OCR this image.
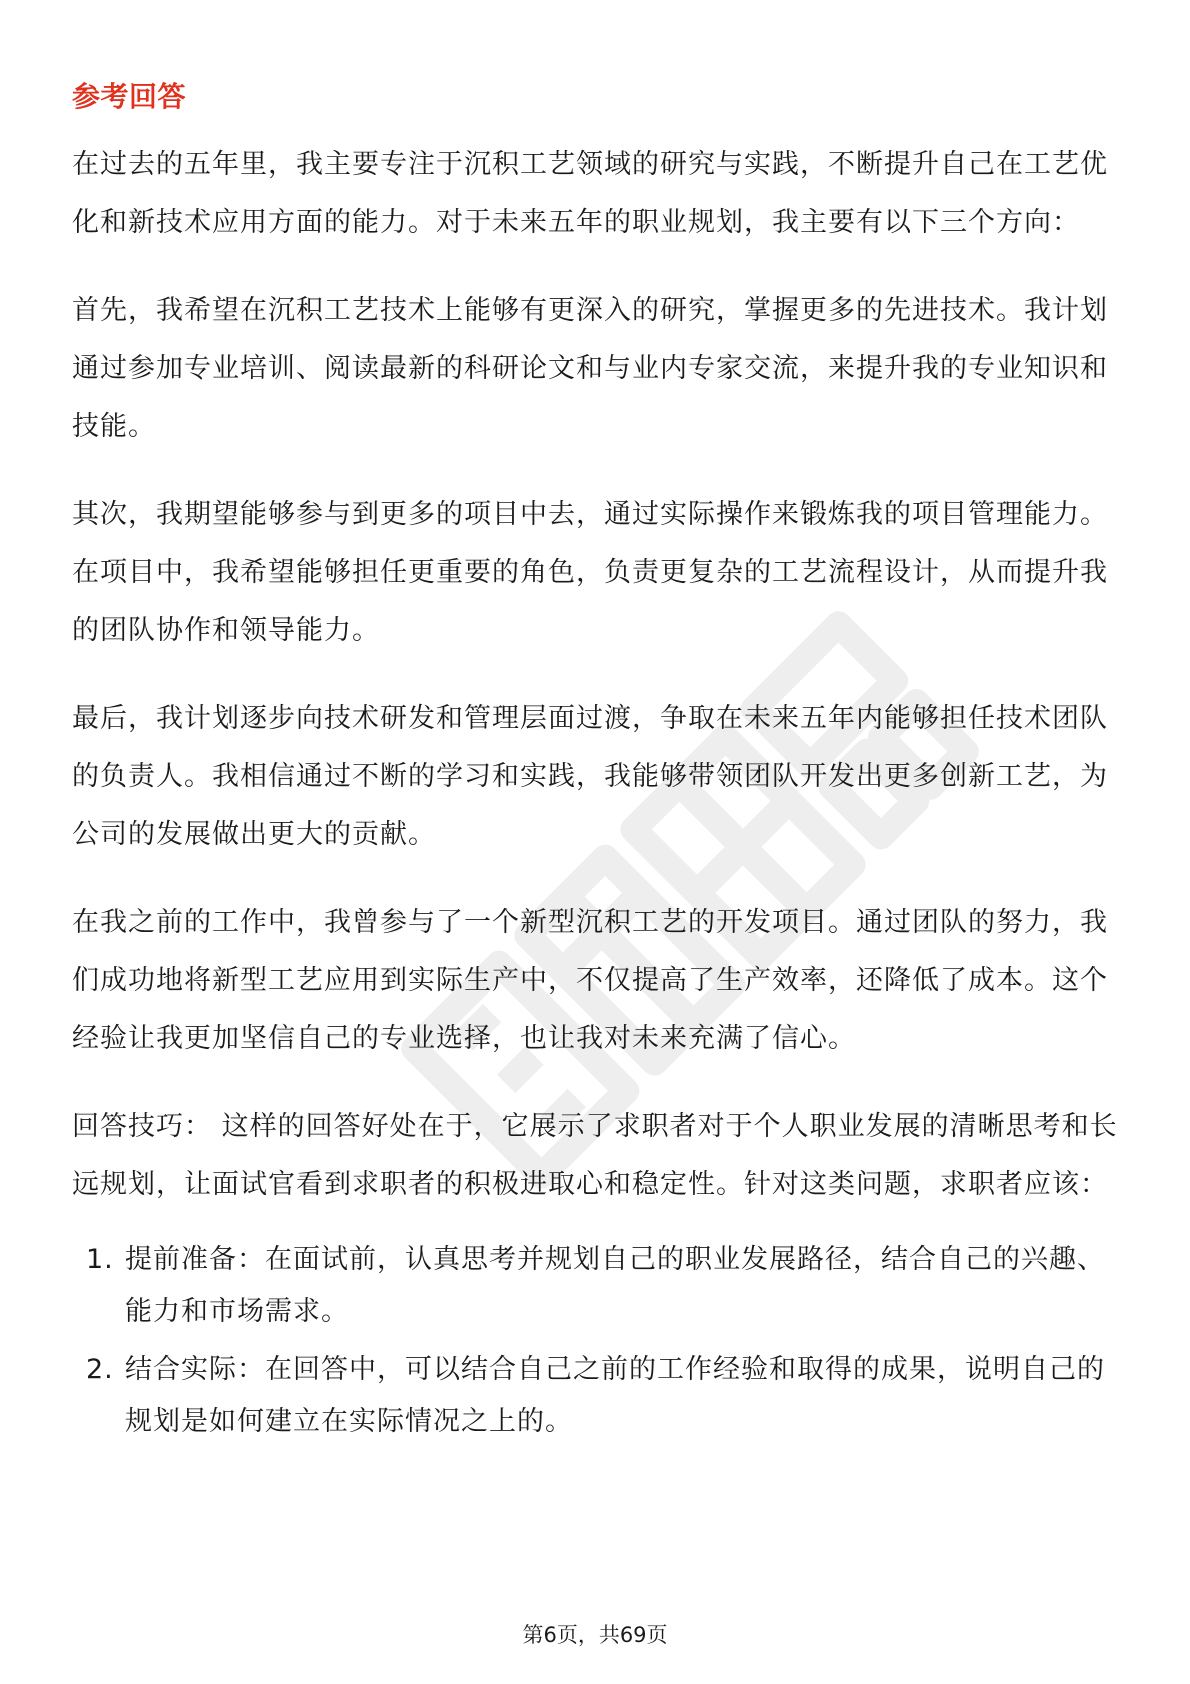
参考回答

在过去的五年里，我主要专注于沉积工艺领域的研究与实践，不断提升自己在工艺优化和新技术应用方面的能力。对于未来五年的职业规划，我主要有以下三个方向：

首先，我希望在沉积工艺技术上能够有更深入的研究，掌握更多的先进技术。我计划通过参加专业培训、阅读最新的科研论文和与业内专家交流，来提升我的专业知识和技能。

其次，我期望能够参与到更多的项目中去，通过实际操作来锻炼我的项目管理能力。在项目中，我希望能够担任更重要的角色，负责更复杂的工艺流程设计，从而提升我的团队协作和领导能力。

最后，我计划逐步向技术研发和管理层面过渡，争取在未来五年内能够担任技术团队的负责人。我相信通过不断的学习和实践，我能够带领团队开发出更多创新工艺，为公司的发展做出更大的贡献。

在我之前的工作中，我曾参与了一个新型沉积工艺的开发项目。通过团队的努力，我们成功地将新型工艺应用到实际生产中，不仅提高了生产效率，还降低了成本。这个经验让我更加坚信自己的专业选择，也让我对未来充满了信心。

回答技巧： 这样的回答好处在于，它展示了求职者对于个人职业发展的清晰思考和长远规划，让面试官看到求职者的积极进取心和稳定性。针对这类问题，求职者应该：

1. 提前准备：在面试前，认真思考并规划自己的职业发展路径，结合自己的兴趣、能力和市场需求。
2. 结合实际：在回答中，可以结合自己之前的工作经验和取得的成果，说明自己的规划是如何建立在实际情况之上的。
第6页，共69页
